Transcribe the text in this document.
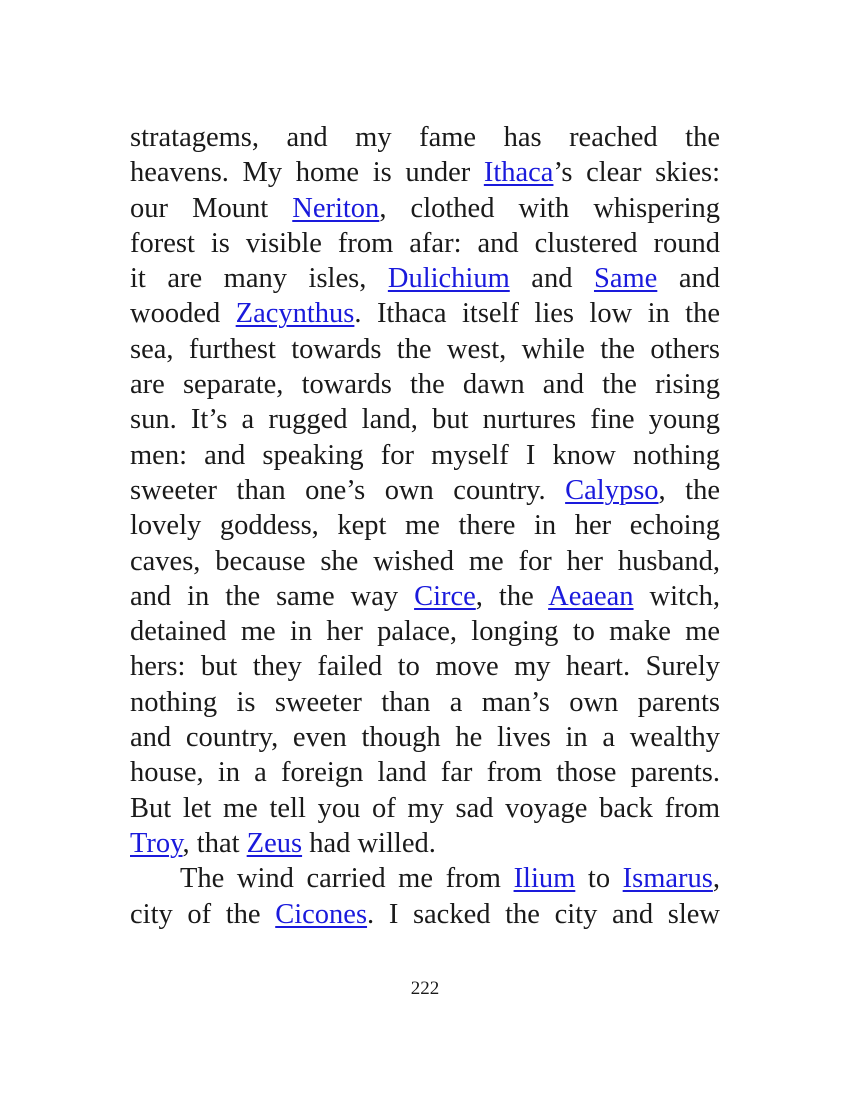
stratagems, and my fame has reached the
heavens. My home is under Ithaca’s clear skies:
our Mount Neriton, clothed with whispering
forest is visible from afar: and clustered round
it are many isles, Dulichium and Same and
wooded Zacynthus. Ithaca itself lies low in the
sea, furthest towards the west, while the others
are separate, towards the dawn and the rising
sun. It’s a rugged land, but nurtures fine young
men: and speaking for myself I know nothing
sweeter than one’s own country. Calypso, the
lovely goddess, kept me there in her echoing
caves, because she wished me for her husband,
and in the same way Circe, the Aeaean witch,
detained me in her palace, longing to make me
hers: but they failed to move my heart. Surely
nothing is sweeter than a man’s own parents
and country, even though he lives in a wealthy
house, in a foreign land far from those parents.
But let me tell you of my sad voyage back from
Troy, that Zeus had willed.
The wind carried me from Ilium to Ismarus,
city of the Cicones. I sacked the city and slew
222
